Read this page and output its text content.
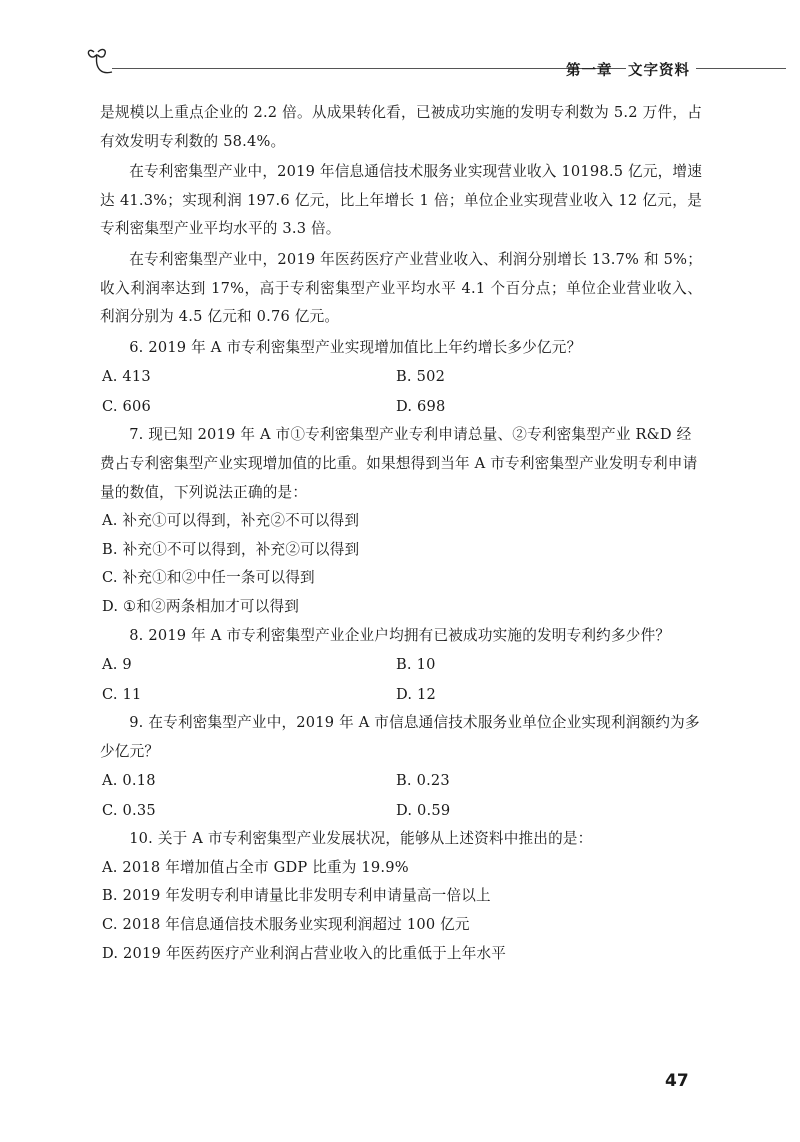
第一章　文字资料

是规模以上重点企业的 2.2 倍。从成果转化看，已被成功实施的发明专利数为 5.2 万件，占有效发明专利数的 58.4%。

在专利密集型产业中，2019 年信息通信技术服务业实现营业收入 10198.5 亿元，增速达 41.3%；实现利润 197.6 亿元，比上年增长 1 倍；单位企业实现营业收入 12 亿元，是专利密集型产业平均水平的 3.3 倍。

在专利密集型产业中，2019 年医药医疗产业营业收入、利润分别增长 13.7% 和 5%；收入利润率达到 17%，高于专利密集型产业平均水平 4.1 个百分点；单位企业营业收入、利润分别为 4.5 亿元和 0.76 亿元。

6. 2019 年 A 市专利密集型产业实现增加值比上年约增长多少亿元？

A. 413	B. 502
C. 606	D. 698

7. 现已知 2019 年 A 市①专利密集型产业专利申请总量、②专利密集型产业 R&D 经费占专利密集型产业实现增加值的比重。如果想得到当年 A 市专利密集型产业发明专利申请量的数值，下列说法正确的是：

A. 补充①可以得到，补充②不可以得到

B. 补充①不可以得到，补充②可以得到

C. 补充①和②中任一条可以得到

D. ①和②两条相加才可以得到

8. 2019 年 A 市专利密集型产业企业户均拥有已被成功实施的发明专利约多少件？

A. 9	B. 10
C. 11	D. 12

9. 在专利密集型产业中，2019 年 A 市信息通信技术服务业单位企业实现利润额约为多少亿元？

A. 0.18	B. 0.23
C. 0.35	D. 0.59

10. 关于 A 市专利密集型产业发展状况，能够从上述资料中推出的是：

A. 2018 年增加值占全市 GDP 比重为 19.9%

B. 2019 年发明专利申请量比非发明专利申请量高一倍以上

C. 2018 年信息通信技术服务业实现利润超过 100 亿元

D. 2019 年医药医疗产业利润占营业收入的比重低于上年水平

47
